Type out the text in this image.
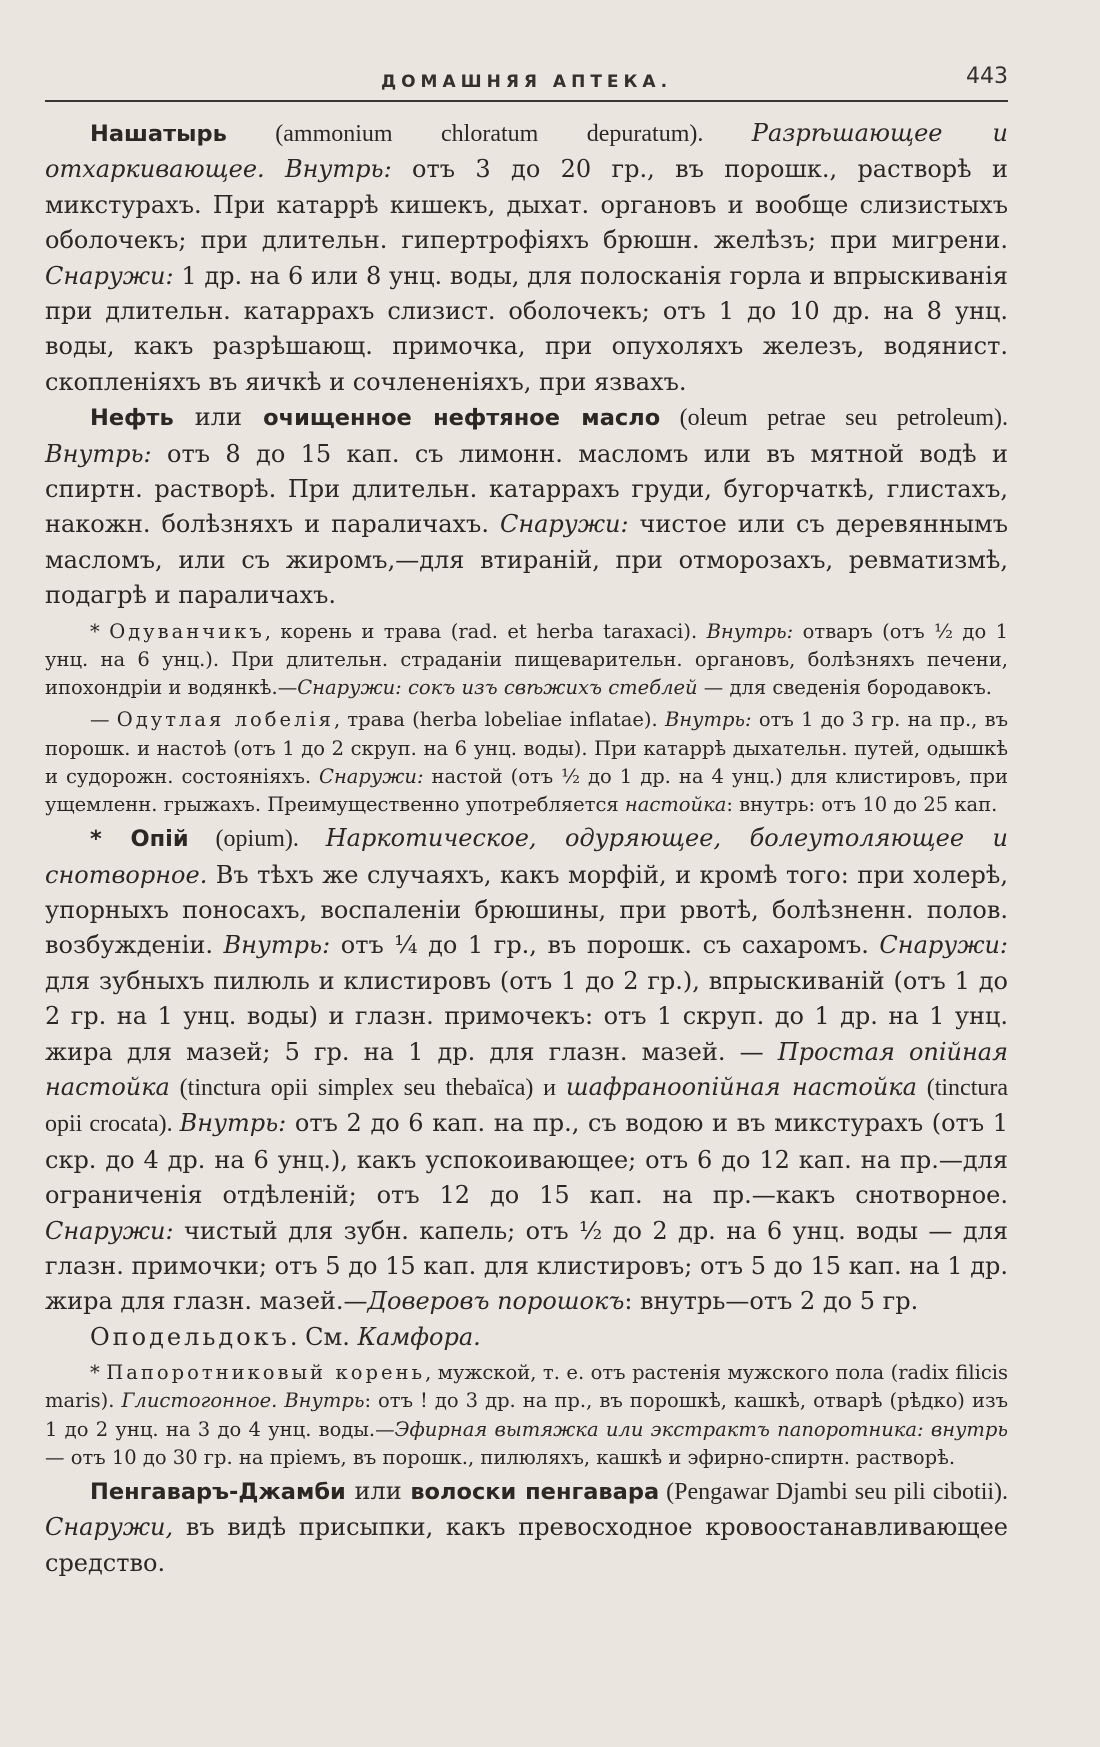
ДОМАШНЯЯ АПТЕКА.	443

Нашатырь (ammonium chloratum depuratum). Разрѣшающее и отхаркивающее. Внутрь: отъ 3 до 20 гр., въ порошк., растворѣ и микстурахъ. При катаррѣ кишекъ, дыхат. органовъ и вообще слизистыхъ оболочекъ; при длительн. гипертрофiяхъ брюшн. желѣзъ; при мигрени. Снаружи: 1 др. на 6 или 8 унц. воды, для полосканiя горла и впрыскиванiя при длительн. катаррахъ слизист. оболочекъ; отъ 1 до 10 др. на 8 унц. воды, какъ разрѣшающ. примочка, при опухоляхъ железъ, водянист. скопленiяхъ въ яичкѣ и сочлененiяхъ, при язвахъ.

Нефть или очищенное нефтяное масло (oleum petrae seu petroleum). Внутрь: отъ 8 до 15 кап. съ лимонн. масломъ или въ мятной водѣ и спиртн. растворѣ. При длительн. катаррахъ груди, бугорчаткѣ, глистахъ, накожн. болѣзняхъ и параличахъ. Снаружи: чистое или съ деревяннымъ масломъ, или съ жиромъ,—для втиранiй, при отморозахъ, ревматизмѣ, подагрѣ и параличахъ.

* Одуванчикъ, корень и трава (rad. et herba taraxaci). Внутрь: отваръ (отъ ½ до 1 унц. на 6 унц.). При длительн. страданiи пищеварительн. органовъ, болѣзняхъ печени, ипохондрiи и водянкѣ.—Снаружи: сокъ изъ свѣжихъ стеблей — для сведенiя бородавокъ.

— Одутлая лобелiя, трава (herba lobeliae inflatae). Внутрь: отъ 1 до 3 гр. на пр., въ порошк. и настоѣ (отъ 1 до 2 скруп. на 6 унц. воды). При катаррѣ дыхательн. путей, одышкѣ и судорожн. состоянiяхъ. Снаружи: настой (отъ ½ до 1 др. на 4 унц.) для клистировъ, при ущемленн. грыжахъ. Преимущественно употребляется настойка: внутрь: отъ 10 до 25 кап.

* Опiй (opium). Наркотическое, одуряющее, болеутоляющее и снотворное. Въ тѣхъ же случаяхъ, какъ морфiй, и кромѣ того: при холерѣ, упорныхъ поносахъ, воспаленiи брюшины, при рвотѣ, болѣзненн. полов. возбужденiи. Внутрь: отъ ¼ до 1 гр., въ порошк. съ сахаромъ. Снаружи: для зубныхъ пилюль и клистировъ (отъ 1 до 2 гр.), впрыскиванiй (отъ 1 до 2 гр. на 1 унц. воды) и глазн. примочекъ: отъ 1 скруп. до 1 др. на 1 унц. жира для мазей; 5 гр. на 1 др. для глазн. мазей. — Простая опiйная настойка (tinctura opii simplex seu thebaïca) и шафранoопiйная настойка (tinctura opii crocata). Внутрь: отъ 2 до 6 кап. на пр., съ водою и въ микстурахъ (отъ 1 скр. до 4 др. на 6 унц.), какъ успокоивающее; отъ 6 до 12 кап. на пр.—для ограниченiя отдѣленiй; отъ 12 до 15 кап. на пр.—какъ снотворное. Снаружи: чистый для зубн. капель; отъ ½ до 2 др. на 6 унц. воды — для глазн. примочки; отъ 5 до 15 кап. для клистировъ; отъ 5 до 15 кап. на 1 др. жира для глазн. мазей.—Доверовъ порошокъ: внутрь—отъ 2 до 5 гр.

Оподельдокъ. См. Камфора.

* Папоротниковый корень, мужской, т. е. отъ растенiя мужского пола (radix filicis maris). Глистогонное. Внутрь: отъ ! до 3 др. на пр., въ порошкѣ, кашкѣ, отварѣ (рѣдко) изъ 1 до 2 унц. на 3 до 4 унц. воды.—Эфирная вытяжка или экстрактъ папоротника: внутрь — отъ 10 до 30 гр. на прiемъ, въ порошк., пилюляхъ, кашкѣ и эфирно-спиртн. растворѣ.

Пенгаваръ-Джамби или волоски пенгавара (Pengawar Djambi seu pili cibotii). Снаружи, въ видѣ присыпки, какъ превосходное кровоостанавливающее средство.
